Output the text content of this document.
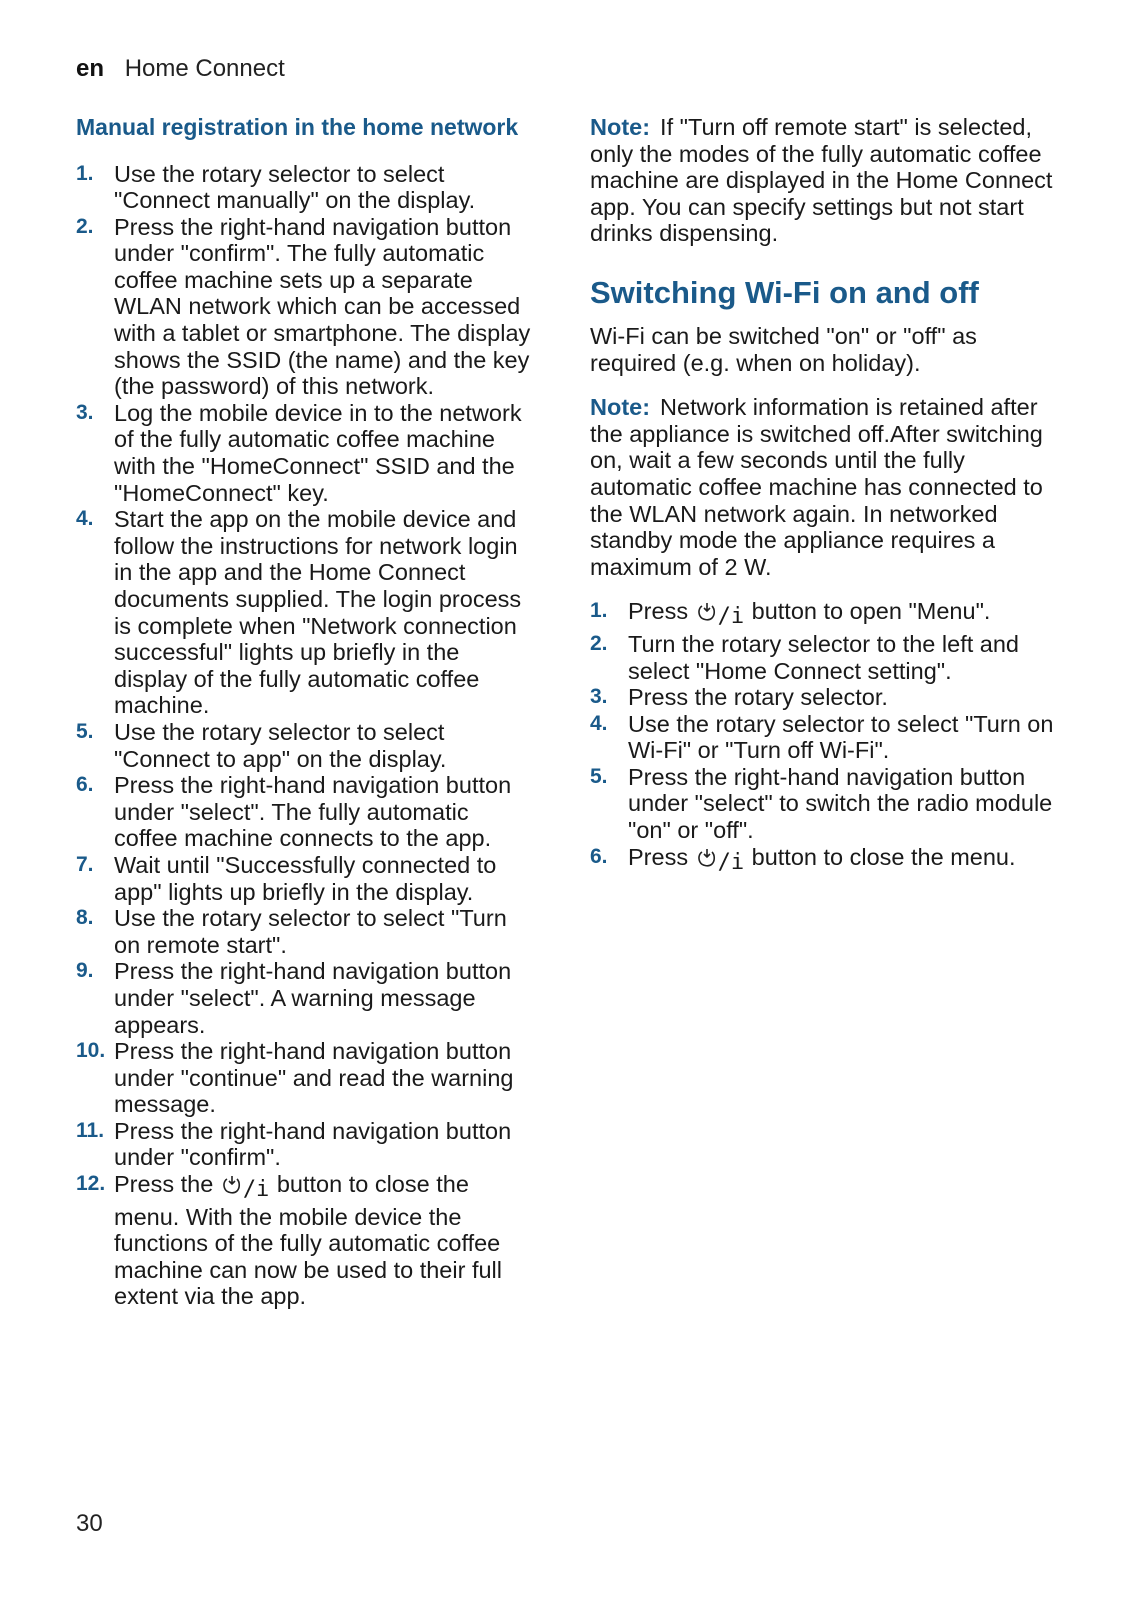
en Home Connect
Manual registration in the home network
1. Use the rotary selector to select "Connect manually" on the display.
2. Press the right-hand navigation button under "confirm". The fully automatic coffee machine sets up a separate WLAN network which can be accessed with a tablet or smartphone. The display shows the SSID (the name) and the key (the password) of this network.
3. Log the mobile device in to the network of the fully automatic coffee machine with the "HomeConnect" SSID and the "HomeConnect" key.
4. Start the app on the mobile device and follow the instructions for network login in the app and the Home Connect documents supplied. The login process is complete when "Network connection successful" lights up briefly in the display of the fully automatic coffee machine.
5. Use the rotary selector to select "Connect to app" on the display.
6. Press the right-hand navigation button under "select". The fully automatic coffee machine connects to the app.
7. Wait until "Successfully connected to app" lights up briefly in the display.
8. Use the rotary selector to select "Turn on remote start".
9. Press the right-hand navigation button under "select". A warning message appears.
10. Press the right-hand navigation button under "continue" and read the warning message.
11. Press the right-hand navigation button under "confirm".
12. Press the /i button to close the menu. With the mobile device the functions of the fully automatic coffee machine can now be used to their full extent via the app.

Note: If "Turn off remote start" is selected, only the modes of the fully automatic coffee machine are displayed in the Home Connect app. You can specify settings but not start drinks dispensing.

Switching Wi-Fi on and off

Wi-Fi can be switched "on" or "off" as required (e.g. when on holiday).

Note: Network information is retained after the appliance is switched off.After switching on, wait a few seconds until the fully automatic coffee machine has connected to the WLAN network again. In networked standby mode the appliance requires a maximum of 2 W.

1. Press /i button to open "Menu".
2. Turn the rotary selector to the left and select "Home Connect setting".
3. Press the rotary selector.
4. Use the rotary selector to select "Turn on Wi-Fi" or "Turn off Wi-Fi".
5. Press the right-hand navigation button under "select" to switch the radio module "on" or "off".
6. Press /i button to close the menu.
30
